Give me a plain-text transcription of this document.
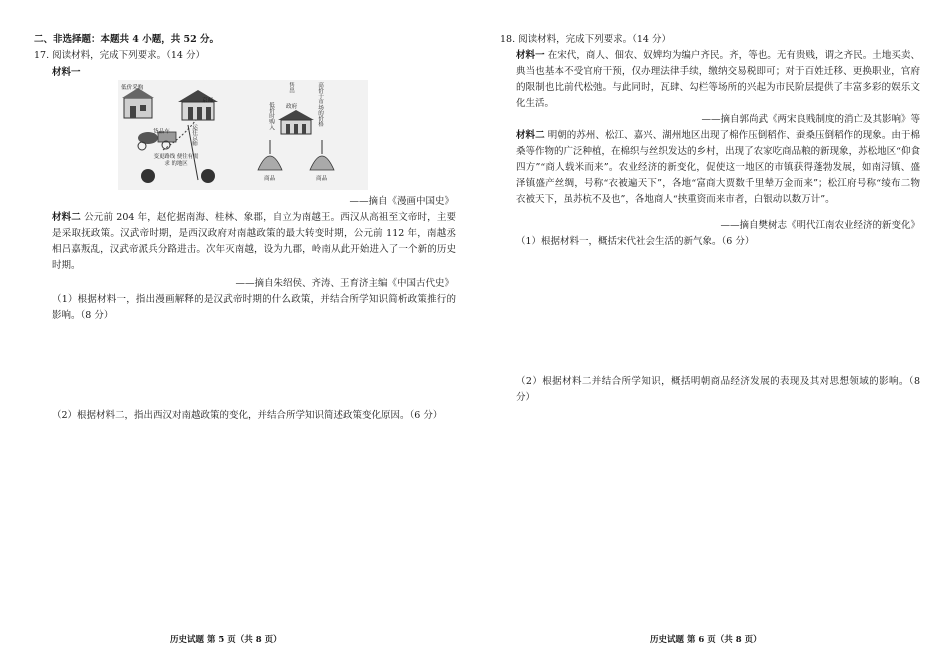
二、非选择题：本题共 4 小题，共 52 分。
17. 阅读材料，完成下列要求。（14 分）
材料一
低价采购
京师
货品车	运往京师
变更路线 便往有需求 的地区
售出	高价于市场的价格
低价时购入 政府
商品	商品
——摘自《漫画中国史》
材料二 公元前 204 年，赵佗据南海、桂林、象郡，自立为南越王。西汉从高祖至文帝时，主要是采取抚政策。汉武帝时期，是西汉政府对南越政策的最大转变时期，公元前 112 年，南越丞相吕嘉叛乱，汉武帝派兵分路进击。次年灭南越，设为九郡，岭南从此开始进入了一个新的历史时期。
——摘自朱绍侯、齐涛、王育济主编《中国古代史》
（1）根据材料一，指出漫画解释的是汉武帝时期的什么政策，并结合所学知识简析政策推行的影响。（8 分）
（2）根据材料二，指出西汉对南越政策的变化，并结合所学知识简述政策变化原因。（6 分）
历史试题 第 5 页（共 8 页）
18. 阅读材料，完成下列要求。（14 分）
材料一 在宋代，商人、佃农、奴婢均为编户齐民。齐，等也。无有贵贱，谓之齐民。土地买卖、典当也基本不受官府干预，仅办理法律手续，缴纳交易税即可；对于百姓迁移、更换职业，官府的限制也比前代松弛。与此同时，瓦肆、勾栏等场所的兴起为市民阶层提供了丰富多彩的娱乐文化生活。
——摘自郭尚武《两宋良贱制度的消亡及其影响》等
材料二 明朝的苏州、松江、嘉兴、湖州地区出现了棉作压倒稻作、蚕桑压倒稻作的现象。由于棉桑等作物的广泛种植，在棉织与丝织发达的乡村，出现了农家吃商品粮的新现象，苏松地区“仰食四方”“商人载米而来”。农业经济的新变化，促使这一地区的市镇获得蓬勃发展，如南浔镇、盛泽镇盛产丝绸，号称“衣被遍天下”，各地“富商大贾数千里辇万金而来”；松江府号称“绫布二物衣被天下，虽苏杭不及也”，各地商人“挟重资而来市者，白银动以数万计”。
——摘自樊树志《明代江南农业经济的新变化》
（1）根据材料一，概括宋代社会生活的新气象。（6 分）
（2）根据材料二并结合所学知识，概括明朝商品经济发展的表现及其对思想领域的影响。（8 分）
历史试题 第 6 页（共 8 页）
